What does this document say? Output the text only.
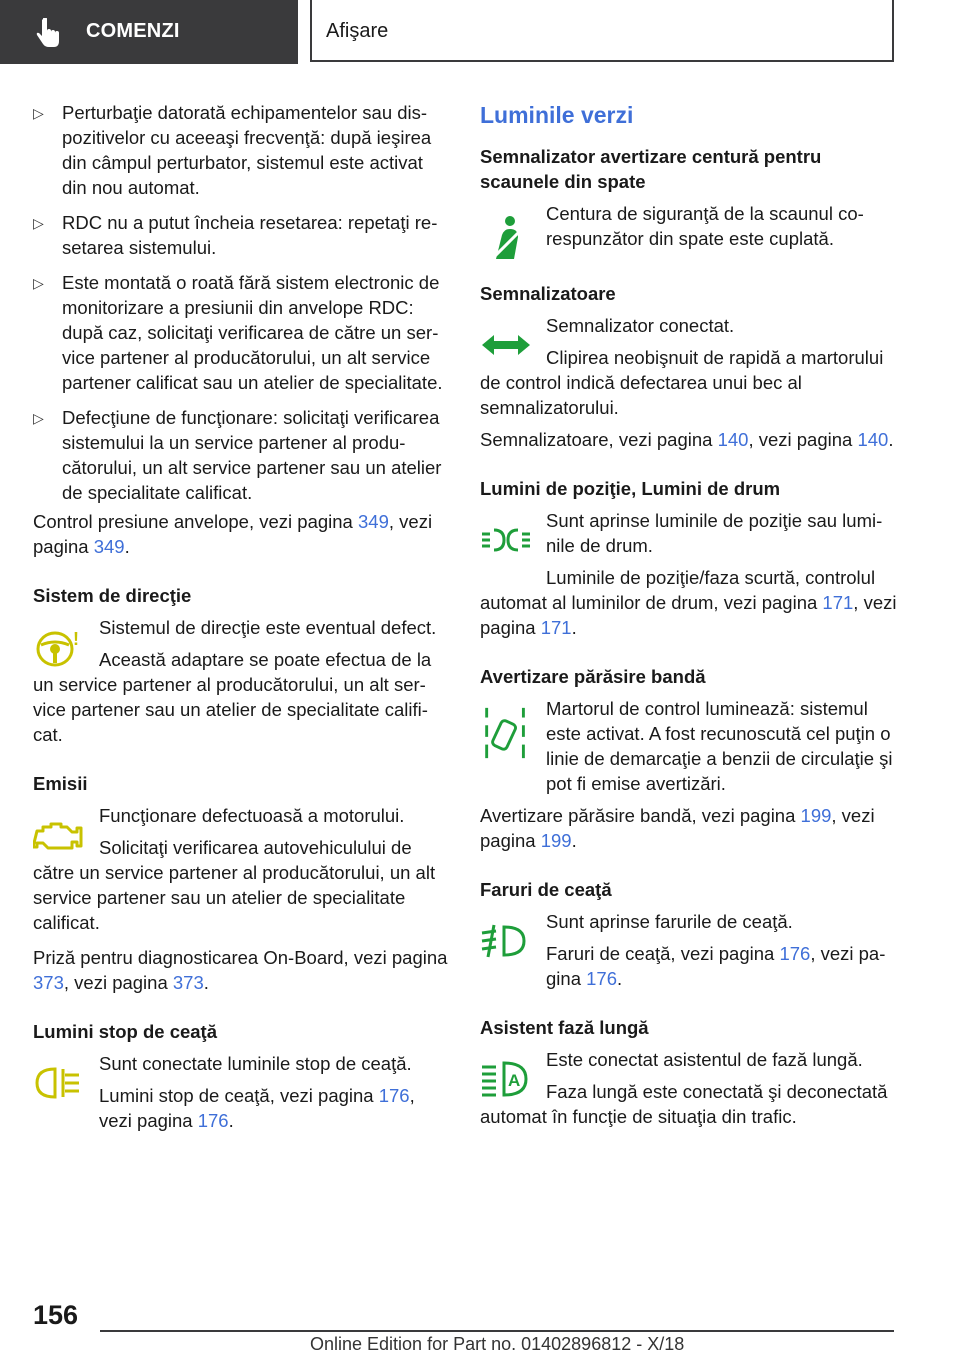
COMENZI	Afişare
▷ Perturbaţie datorată echipamentelor sau dispozitivelor cu aceeaşi frecvenţă: după ieşirea din câmpul perturbator, sistemul este activat din nou automat.
▷ RDC nu a putut încheia resetarea: repetaţi resetarea sistemului.
▷ Este montată o roată fără sistem electronic de monitorizare a presiunii din anvelope RDC: după caz, solicitaţi verificarea de către un service partener al producătorului, un alt service partener calificat sau un atelier de specialitate.
▷ Defecţiune de funcţionare: solicitaţi verificarea sistemului la un service partener al producătorului, un alt service partener sau un atelier de specialitate calificat.

Control presiune anvelope, vezi pagina 349, vezi pagina 349.

Sistem de direcţie

!

Sistemul de direcţie este eventual defect.

Această adaptare se poate efectua de la un service partener al producătorului, un alt service partener sau un atelier de specialitate calificat.

Emisii

Funcţionare defectuoasă a motorului.

Solicitaţi verificarea autovehiculului de către un service partener al producătorului, un alt service partener sau un atelier de specialitate calificat.

Priză pentru diagnosticarea On-Board, vezi pagina 373, vezi pagina 373.

Lumini stop de ceaţă

Sunt conectate luminile stop de ceaţă.

Lumini stop de ceaţă, vezi pagina 176, vezi pagina 176.

Luminile verzi

Semnalizator avertizare centură pentru scaunele din spate

Centura de siguranţă de la scaunul corespunzător din spate este cuplată.

Semnalizatoare

Semnalizator conectat.

Clipirea neobişnuit de rapidă a martorului de control indică defectarea unui bec al semnalizatorului.

Semnalizatoare, vezi pagina 140, vezi pagina 140.

Lumini de poziţie, Lumini de drum

Sunt aprinse luminile de poziţie sau luminile de drum.

Luminile de poziţie/faza scurtă, controlul automat al luminilor de drum, vezi pagina 171, vezi pagina 171.

Avertizare părăsire bandă

Martorul de control luminează: sistemul este activat. A fost recunoscută cel puţin o linie de demarcaţie a benzii de circulaţie şi pot fi emise avertizări.

Avertizare părăsire bandă, vezi pagina 199, vezi pagina 199.

Faruri de ceaţă

Sunt aprinse farurile de ceaţă.

Faruri de ceaţă, vezi pagina 176, vezi pagina 176.

Asistent fază lungă

A

Este conectat asistentul de fază lungă.

Faza lungă este conectată şi deconectată automat în funcţie de situaţia din trafic.

156
Online Edition for Part no. 01402896812 - X/18
